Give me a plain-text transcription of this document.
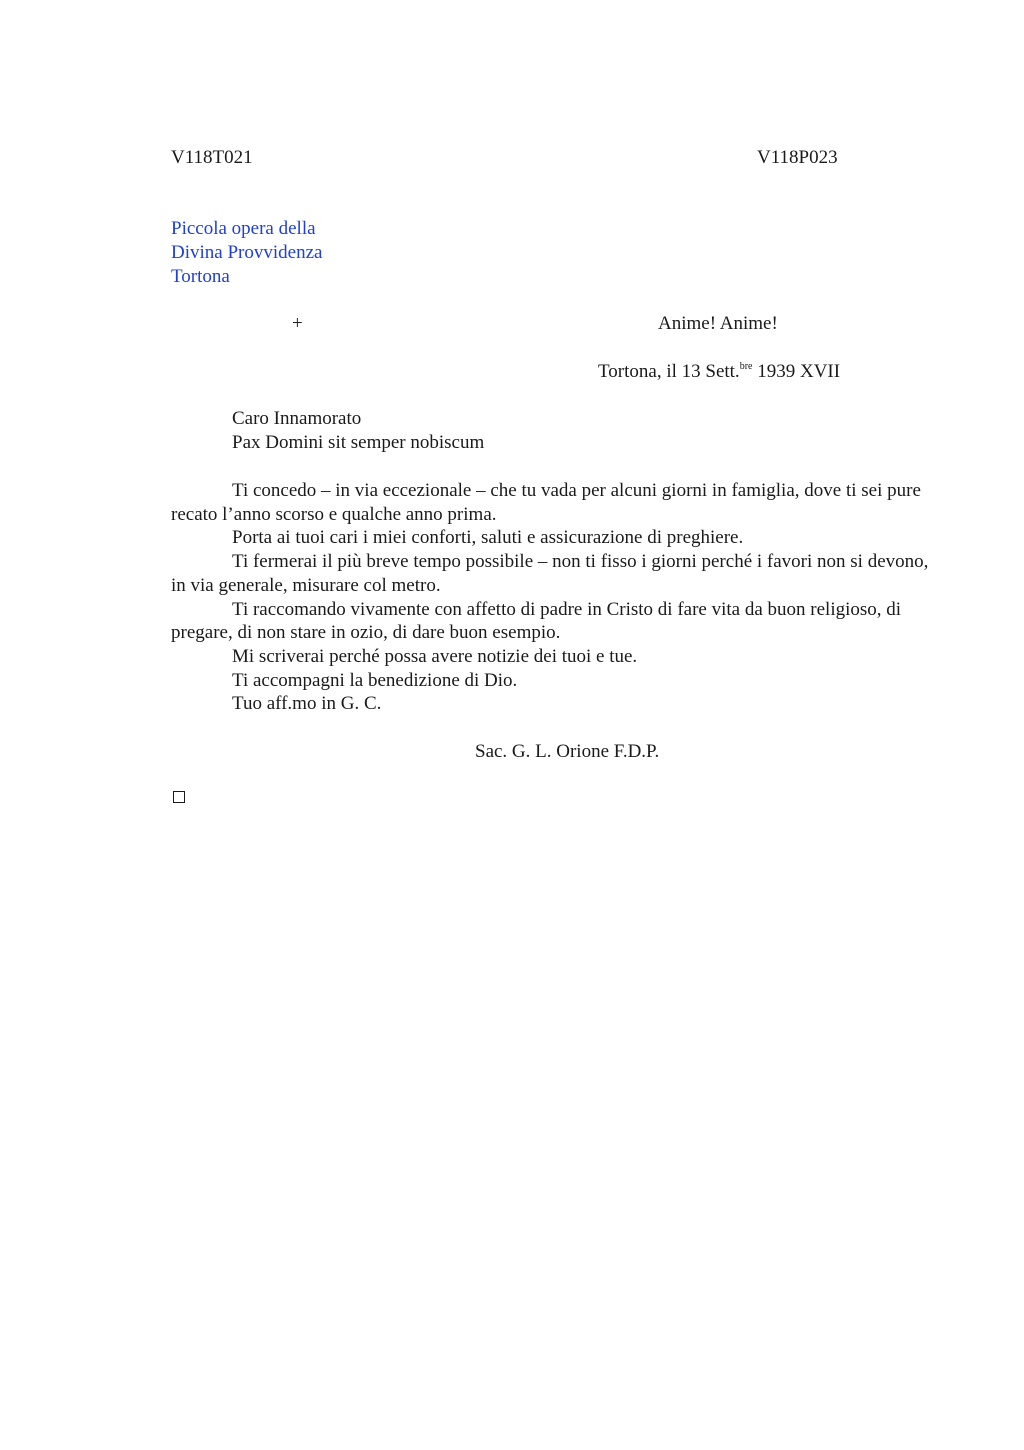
V118T021	V118P023
Piccola opera della
Divina Provvidenza
Tortona
+	Anime! Anime!
Tortona, il 13 Sett.$^{bre}$ 1939 XVII
Caro Innamorato
Pax Domini sit semper nobiscum

Ti concedo – in via eccezionale – che tu vada per alcuni giorni in famiglia, dove ti sei pure recato l’anno scorso e qualche anno prima.

Porta ai tuoi cari i miei conforti, saluti e assicurazione di preghiere.

Ti fermerai il più breve tempo possibile – non ti fisso i giorni perché i favori non si devono, in via generale, misurare col metro.

Ti raccomando vivamente con affetto di padre in Cristo di fare vita da buon religioso, di pregare, di non stare in ozio, di dare buon esempio.

Mi scriverai perché possa avere notizie dei tuoi e tue.

Ti accompagni la benedizione di Dio.

Tuo aff.mo in G. C.

Sac. G. L. Orione F.D.P.
